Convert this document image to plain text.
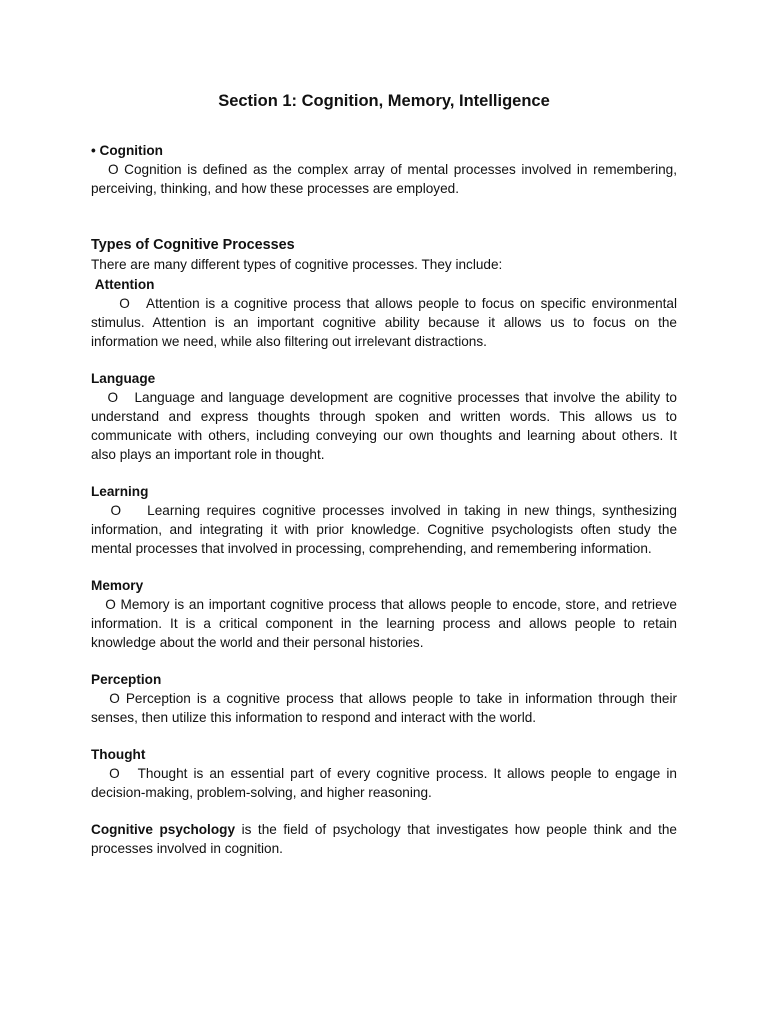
Section 1: Cognition, Memory, Intelligence

• Cognition

O Cognition is defined as the complex array of mental processes involved in remembering, perceiving, thinking, and how these processes are employed.

Types of Cognitive Processes

There are many different types of cognitive processes. They include:

Attention

O Attention is a cognitive process that allows people to focus on specific environmental stimulus. Attention is an important cognitive ability because it allows us to focus on the information we need, while also filtering out irrelevant distractions.

Language

O Language and language development are cognitive processes that involve the ability to understand and express thoughts through spoken and written words. This allows us to communicate with others, including conveying our own thoughts and learning about others. It also plays an important role in thought.

Learning

O Learning requires cognitive processes involved in taking in new things, synthesizing information, and integrating it with prior knowledge. Cognitive psychologists often study the mental processes that involved in processing, comprehending, and remembering information.

Memory

O Memory is an important cognitive process that allows people to encode, store, and retrieve information. It is a critical component in the learning process and allows people to retain knowledge about the world and their personal histories.

Perception

O Perception is a cognitive process that allows people to take in information through their senses, then utilize this information to respond and interact with the world.

Thought

O Thought is an essential part of every cognitive process. It allows people to engage in decision-making, problem-solving, and higher reasoning.

Cognitive psychology is the field of psychology that investigates how people think and the processes involved in cognition.
